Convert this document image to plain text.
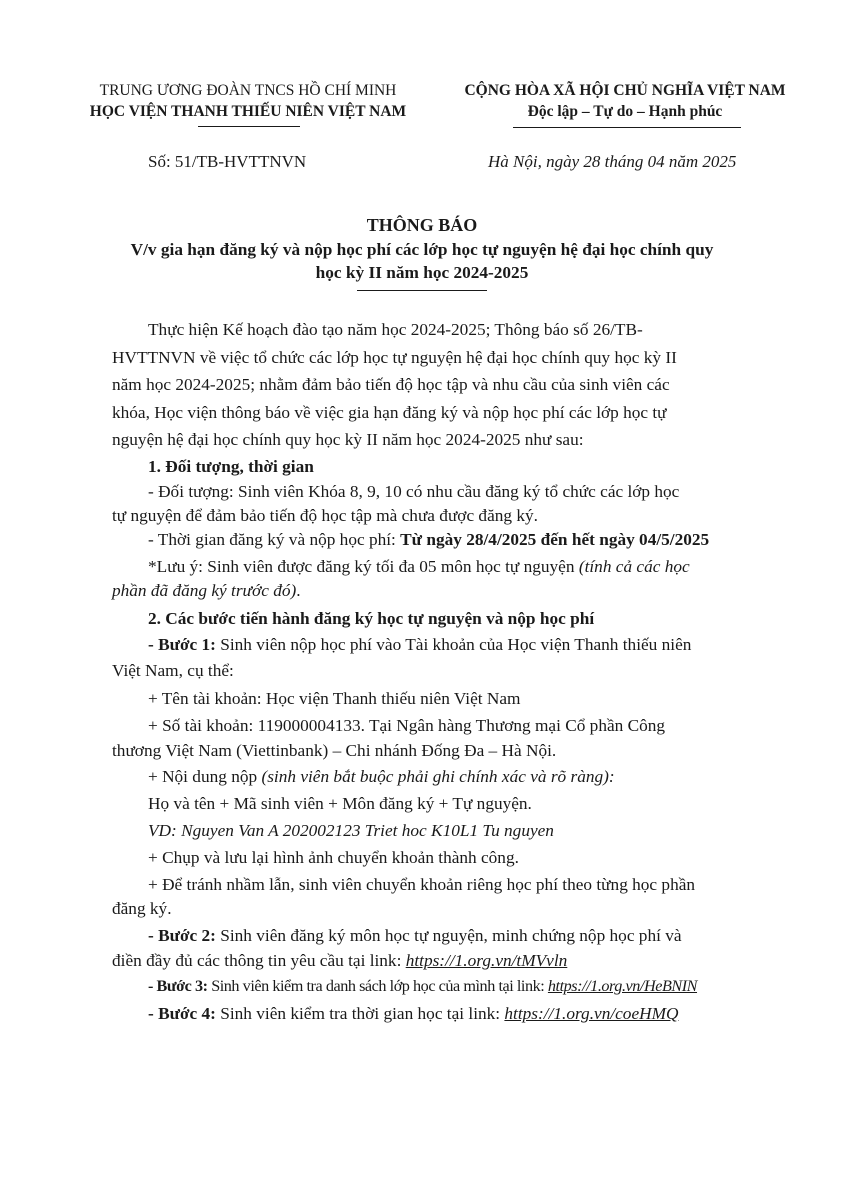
TRUNG ƯƠNG ĐOÀN TNCS HỒ CHÍ MINH
HỌC VIỆN THANH THIẾU NIÊN VIỆT NAM
CỘNG HÒA XÃ HỘI CHỦ NGHĨA VIỆT NAM
Độc lập – Tự do – Hạnh phúc
Số: 51/TB-HVTTNVN	Hà Nội, ngày 28 tháng 04 năm 2025
THÔNG BÁO
V/v gia hạn đăng ký và nộp học phí các lớp học tự nguyện hệ đại học chính quy
học kỳ II năm học 2024-2025
Thực hiện Kế hoạch đào tạo năm học 2024-2025; Thông báo số 26/TB-
HVTTNVN về việc tổ chức các lớp học tự nguyện hệ đại học chính quy học kỳ II
năm học 2024-2025; nhằm đảm bảo tiến độ học tập và nhu cầu của sinh viên các
khóa, Học viện thông báo về việc gia hạn đăng ký và nộp học phí các lớp học tự
nguyện hệ đại học chính quy học kỳ II năm học 2024-2025 như sau:
1. Đối tượng, thời gian
- Đối tượng: Sinh viên Khóa 8, 9, 10 có nhu cầu đăng ký tổ chức các lớp học
tự nguyện để đảm bảo tiến độ học tập mà chưa được đăng ký.
- Thời gian đăng ký và nộp học phí: Từ ngày 28/4/2025 đến hết ngày 04/5/2025
*Lưu ý: Sinh viên được đăng ký tối đa 05 môn học tự nguyện (tính cả các học
phần đã đăng ký trước đó).
2. Các bước tiến hành đăng ký học tự nguyện và nộp học phí
- Bước 1: Sinh viên nộp học phí vào Tài khoản của Học viện Thanh thiếu niên
Việt Nam, cụ thể:
+ Tên tài khoản: Học viện Thanh thiếu niên Việt Nam
+ Số tài khoản: 119000004133. Tại Ngân hàng Thương mại Cổ phần Công
thương Việt Nam (Viettinbank) – Chi nhánh Đống Đa – Hà Nội.
+ Nội dung nộp (sinh viên bắt buộc phải ghi chính xác và rõ ràng):
Họ và tên + Mã sinh viên + Môn đăng ký + Tự nguyện.
VD: Nguyen Van A 202002123 Triet hoc K10L1 Tu nguyen
+ Chụp và lưu lại hình ảnh chuyển khoản thành công.
+ Để tránh nhầm lẫn, sinh viên chuyển khoản riêng học phí theo từng học phần
đăng ký.
- Bước 2: Sinh viên đăng ký môn học tự nguyện, minh chứng nộp học phí và
điền đầy đủ các thông tin yêu cầu tại link: https://1.org.vn/tMVvln
- Bước 3: Sinh viên kiểm tra danh sách lớp học của mình tại link: https://1.org.vn/HeBNIN
- Bước 4: Sinh viên kiểm tra thời gian học tại link: https://1.org.vn/coeHMQ
